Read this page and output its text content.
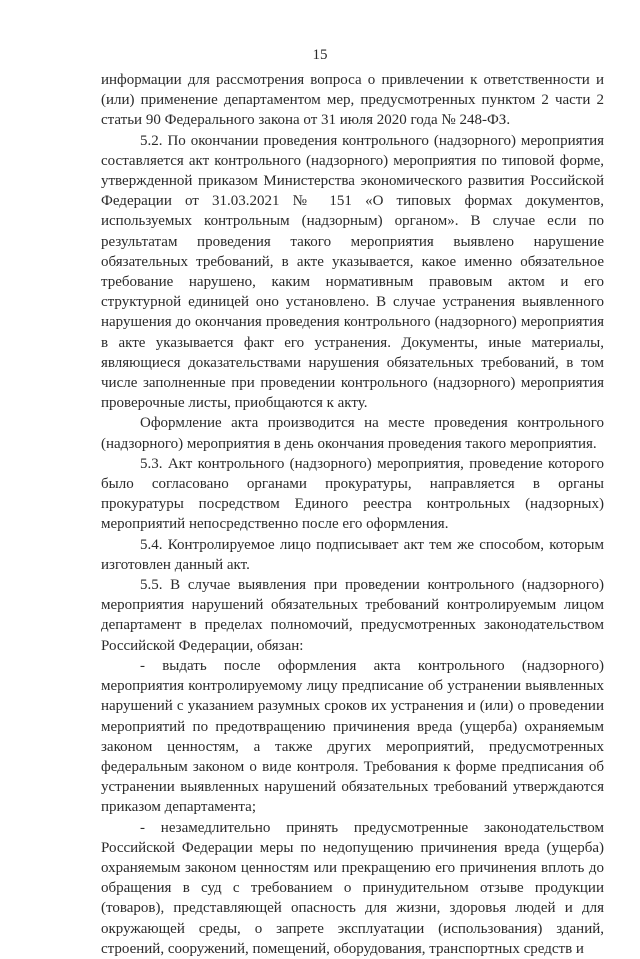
15

информации для рассмотрения вопроса о привлечении к ответственности и (или) применение департаментом мер, предусмотренных пунктом 2 части 2 статьи 90 Федерального закона от 31 июля 2020 года № 248-ФЗ.

5.2. По окончании проведения контрольного (надзорного) мероприятия составляется акт контрольного (надзорного) мероприятия по типовой форме, утвержденной приказом Министерства экономического развития Российской Федерации от 31.03.2021 № 151 «О типовых формах документов, используемых контрольным (надзорным) органом». В случае если по результатам проведения такого мероприятия выявлено нарушение обязательных требований, в акте указывается, какое именно обязательное требование нарушено, каким нормативным правовым актом и его структурной единицей оно установлено. В случае устранения выявленного нарушения до окончания проведения контрольного (надзорного) мероприятия в акте указывается факт его устранения. Документы, иные материалы, являющиеся доказательствами нарушения обязательных требований, в том числе заполненные при проведении контрольного (надзорного) мероприятия проверочные листы, приобщаются к акту.

Оформление акта производится на месте проведения контрольного (надзорного) мероприятия в день окончания проведения такого мероприятия.

5.3. Акт контрольного (надзорного) мероприятия, проведение которого было согласовано органами прокуратуры, направляется в органы прокуратуры посредством Единого реестра контрольных (надзорных) мероприятий непосредственно после его оформления.

5.4. Контролируемое лицо подписывает акт тем же способом, которым изготовлен данный акт.

5.5. В случае выявления при проведении контрольного (надзорного) мероприятия нарушений обязательных требований контролируемым лицом департамент в пределах полномочий, предусмотренных законодательством Российской Федерации, обязан:

- выдать после оформления акта контрольного (надзорного) мероприятия контролируемому лицу предписание об устранении выявленных нарушений с указанием разумных сроков их устранения и (или) о проведении мероприятий по предотвращению причинения вреда (ущерба) охраняемым законом ценностям, а также других мероприятий, предусмотренных федеральным законом о виде контроля. Требования к форме предписания об устранении выявленных нарушений обязательных требований утверждаются приказом департамента;

- незамедлительно принять предусмотренные законодательством Российской Федерации меры по недопущению причинения вреда (ущерба) охраняемым законом ценностям или прекращению его причинения вплоть до обращения в суд с требованием о принудительном отзыве продукции (товаров), представляющей опасность для жизни, здоровья людей и для окружающей среды, о запрете эксплуатации (использования) зданий, строений, сооружений, помещений, оборудования, транспортных средств и
